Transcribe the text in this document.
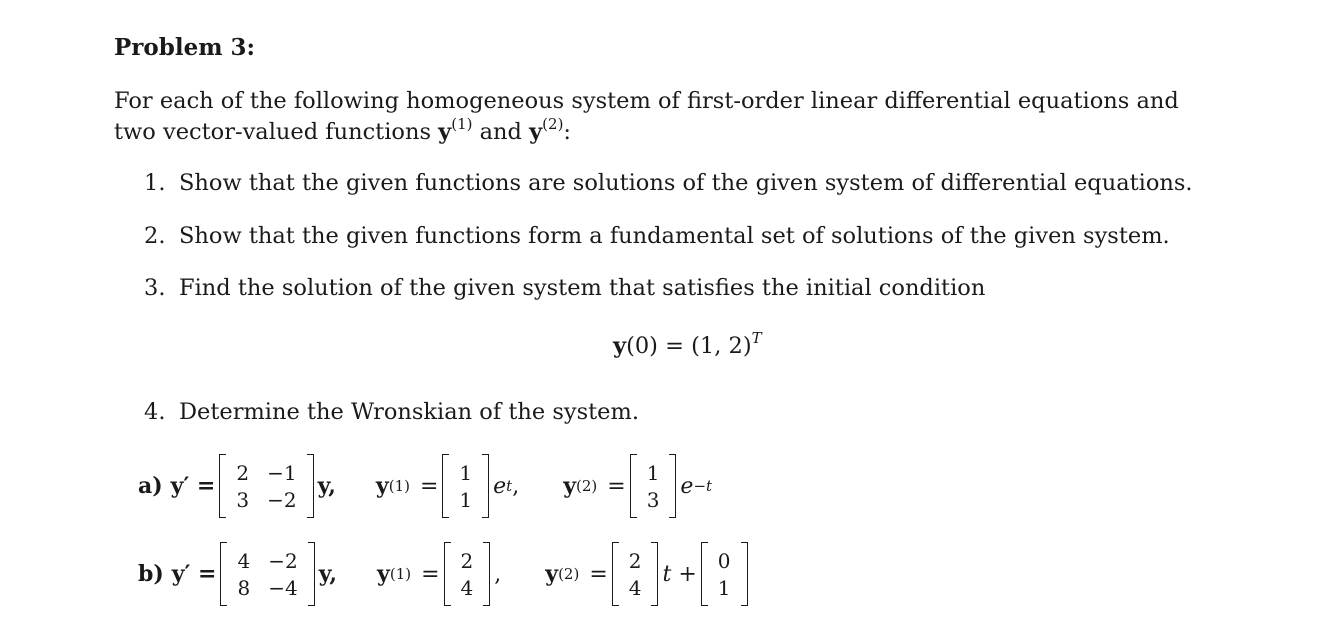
Problem 3:
For each of the following homogeneous system of first-order linear differential equations and two vector-valued functions $y^{(1)}$ and $y^{(2)}$:
1. Show that the given functions are solutions of the given system of differential equations.
2. Show that the given functions form a fundamental set of solutions of the given system.
3. Find the solution of the given system that satisfies the initial condition
y(0) = (1, 2)$^T$
4. Determine the Wronskian of the system.
a) y′ =
2 −1
3 −2
y, y (1) =
1
1
e t , y (2) =
1
3
e −t
b) y′ =
4 −2
8 −4
y, y (1) =
2
4
, y (2) =
2
4
t +
0
1
